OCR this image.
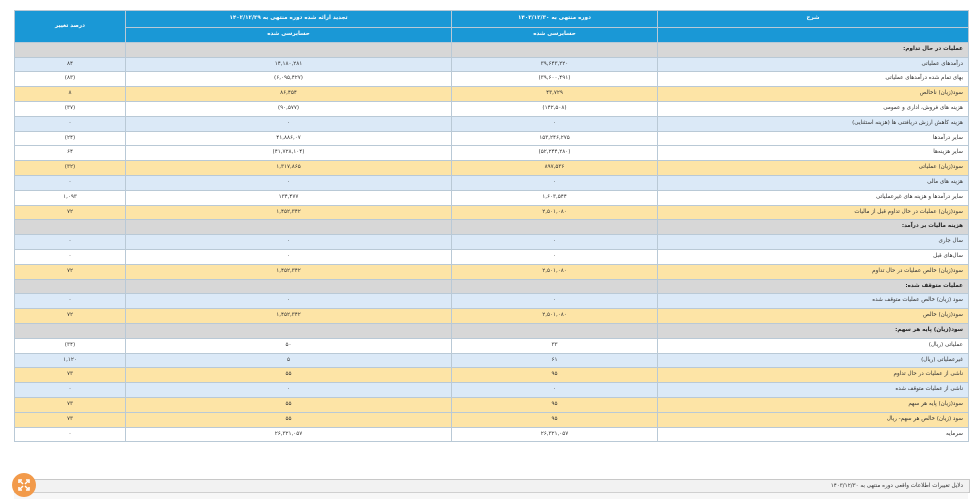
شرح	دوره منتهی به ۱۴۰۳/۱۲/۳۰	تجدید ارائه شده دوره منتهی به ۱۴۰۲/۱۲/۲۹	درصد تغییر
	حسابرسی شده	حسابرسی شده	
عملیات در حال تداوم:			
درآمدهای عملیاتی	۳۹,۶۴۳,۲۲۰	۱۴,۱۸۰,۲۸۱	۸۴
بهای تمام شده درآمدهای عملیاتی	(۳۹,۶۰۰,۴۹۱)	(۶,۰۹۵,۴۲۷)	(۸۳)
سود(زیان) ناخالص	۴۳,۷۲۹	۸۶,۴۵۴	۸
هزینه های فروش، اداری و عمومی	(۱۴۲,۵۰۸)	(۹۰,۵۷۷)	(۳۷)
هزینه کاهش ارزش دریافتنی ها (هزینه استثنایی)	۰	۰	۰
سایر درآمدها	۱۵۳,۲۴۶,۲۷۵	۴۱,۸۸۶,۰۷	(۲۴)
سایر هزینه‌ها	(۵۲,۲۴۴,۲۸۰)	(۴۱,۷۲۸,۱۰۴)	۶۴
سود(زیان) عملیاتی	۸۹۷,۵۳۶	۱,۳۱۷,۸۶۵	(۳۲)
هزینه های مالی	۰	۰	۰
سایر درآمدها و هزینه های غیرعملیاتی	۱,۶۰۳,۵۴۴	۱۳۴,۴۷۷	۱,۰۹۳
سود(زیان) عملیات در حال تداوم قبل از مالیات	۲,۵۰۱,۰۸۰	۱,۴۵۲,۳۴۲	۷۲
هزینه مالیات بر درآمد:			
سال جاری	۰	۰	۰
سال‌های قبل	۰	۰	۰
سود(زیان) خالص عملیات در حال تداوم	۲,۵۰۱,۰۸۰	۱,۴۵۲,۳۴۲	۷۲
عملیات متوقف شده:			
سود (زیان) خالص عملیات متوقف شده	۰	۰	۰
سود(زیان) خالص	۲,۵۰۱,۰۸۰	۱,۴۵۲,۳۴۲	۷۲
سود(زیان) پایه هر سهم:			
عملیاتی (ریال)	۳۳	۵۰	(۳۴)
غیرعملیاتی (ریال)	۶۱	۵	۱,۱۲۰
ناشی از عملیات در حال تداوم	۹۵	۵۵	۷۳
ناشی از عملیات متوقف شده	۰	۰	۰
سود(زیان) پایه هر سهم	۹۵	۵۵	۷۳
سود (زیان) خالص هر سهم- ریال	۹۵	۵۵	۷۳
سرمایه	۲۶,۳۲۱,۰۵۷	۲۶,۳۲۱,۰۵۷	۰
دلایل تغییرات اطلاعات واقعی دوره منتهی به ۱۴۰۳/۱۲/۳۰
